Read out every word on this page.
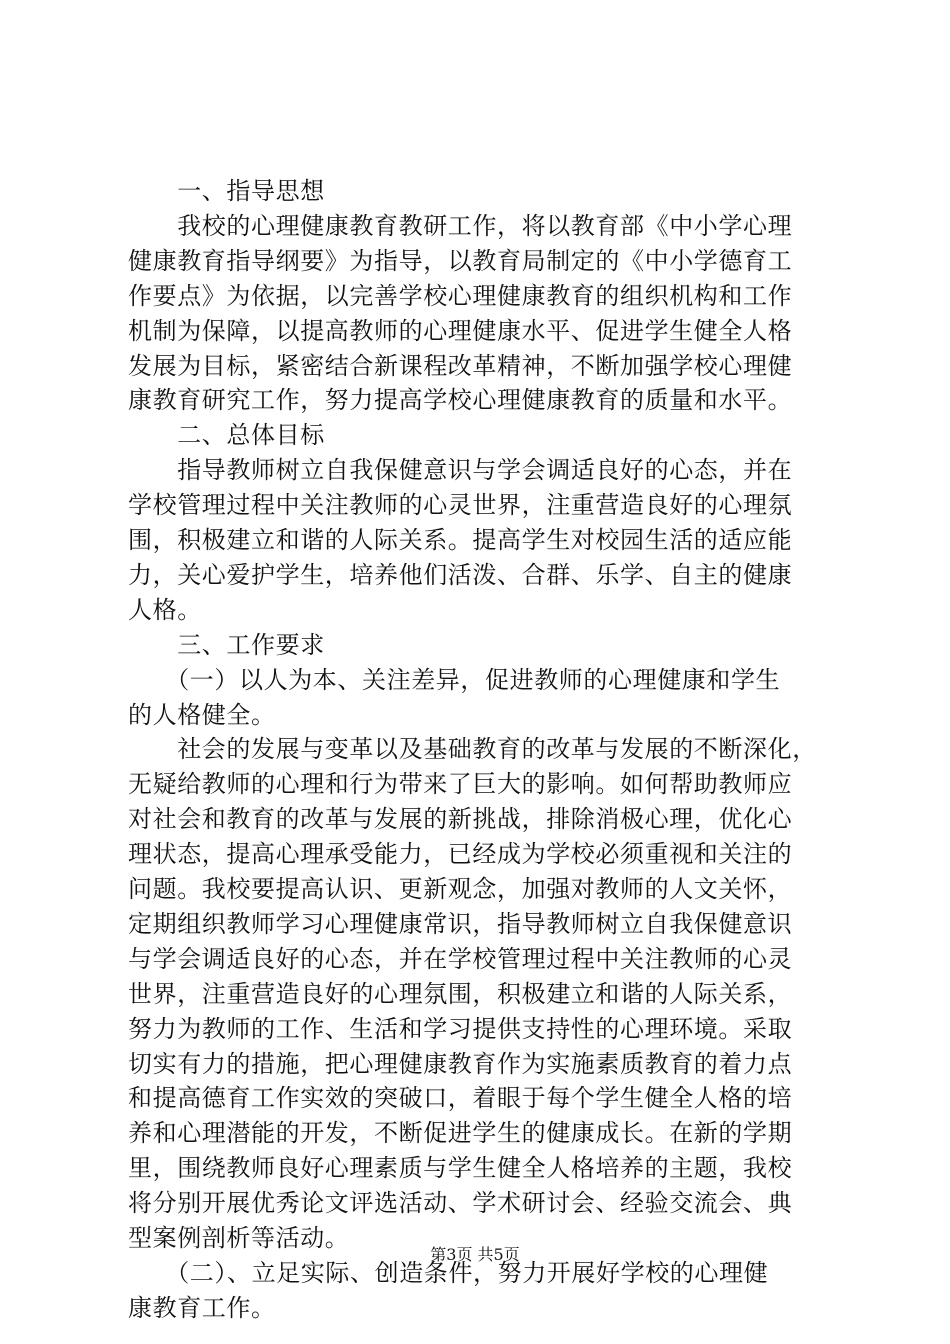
　　一、指导思想
　　我校的心理健康教育教研工作，将以教育部《中小学心理
健康教育指导纲要》为指导，以教育局制定的《中小学德育工
作要点》为依据，以完善学校心理健康教育的组织机构和工作
机制为保障，以提高教师的心理健康水平、促进学生健全人格
发展为目标，紧密结合新课程改革精神，不断加强学校心理健
康教育研究工作，努力提高学校心理健康教育的质量和水平。
　　二、总体目标
　　指导教师树立自我保健意识与学会调适良好的心态，并在
学校管理过程中关注教师的心灵世界，注重营造良好的心理氛
围，积极建立和谐的人际关系。提高学生对校园生活的适应能
力，关心爱护学生，培养他们活泼、合群、乐学、自主的健康
人格。
　　三、工作要求
　　（一）以人为本、关注差异，促进教师的心理健康和学生
的人格健全。
　　社会的发展与变革以及基础教育的改革与发展的不断深化，
无疑给教师的心理和行为带来了巨大的影响。如何帮助教师应
对社会和教育的改革与发展的新挑战，排除消极心理，优化心
理状态，提高心理承受能力，已经成为学校必须重视和关注的
问题。我校要提高认识、更新观念，加强对教师的人文关怀，
定期组织教师学习心理健康常识，指导教师树立自我保健意识
与学会调适良好的心态，并在学校管理过程中关注教师的心灵
世界，注重营造良好的心理氛围，积极建立和谐的人际关系，
努力为教师的工作、生活和学习提供支持性的心理环境。采取
切实有力的措施，把心理健康教育作为实施素质教育的着力点
和提高德育工作实效的突破口，着眼于每个学生健全人格的培
养和心理潜能的开发，不断促进学生的健康成长。在新的学期
里，围绕教师良好心理素质与学生健全人格培养的主题，我校
将分别开展优秀论文评选活动、学术研讨会、经验交流会、典
型案例剖析等活动。
　　（二）、立足实际、创造条件，努力开展好学校的心理健
康教育工作。
第3页 共5页
